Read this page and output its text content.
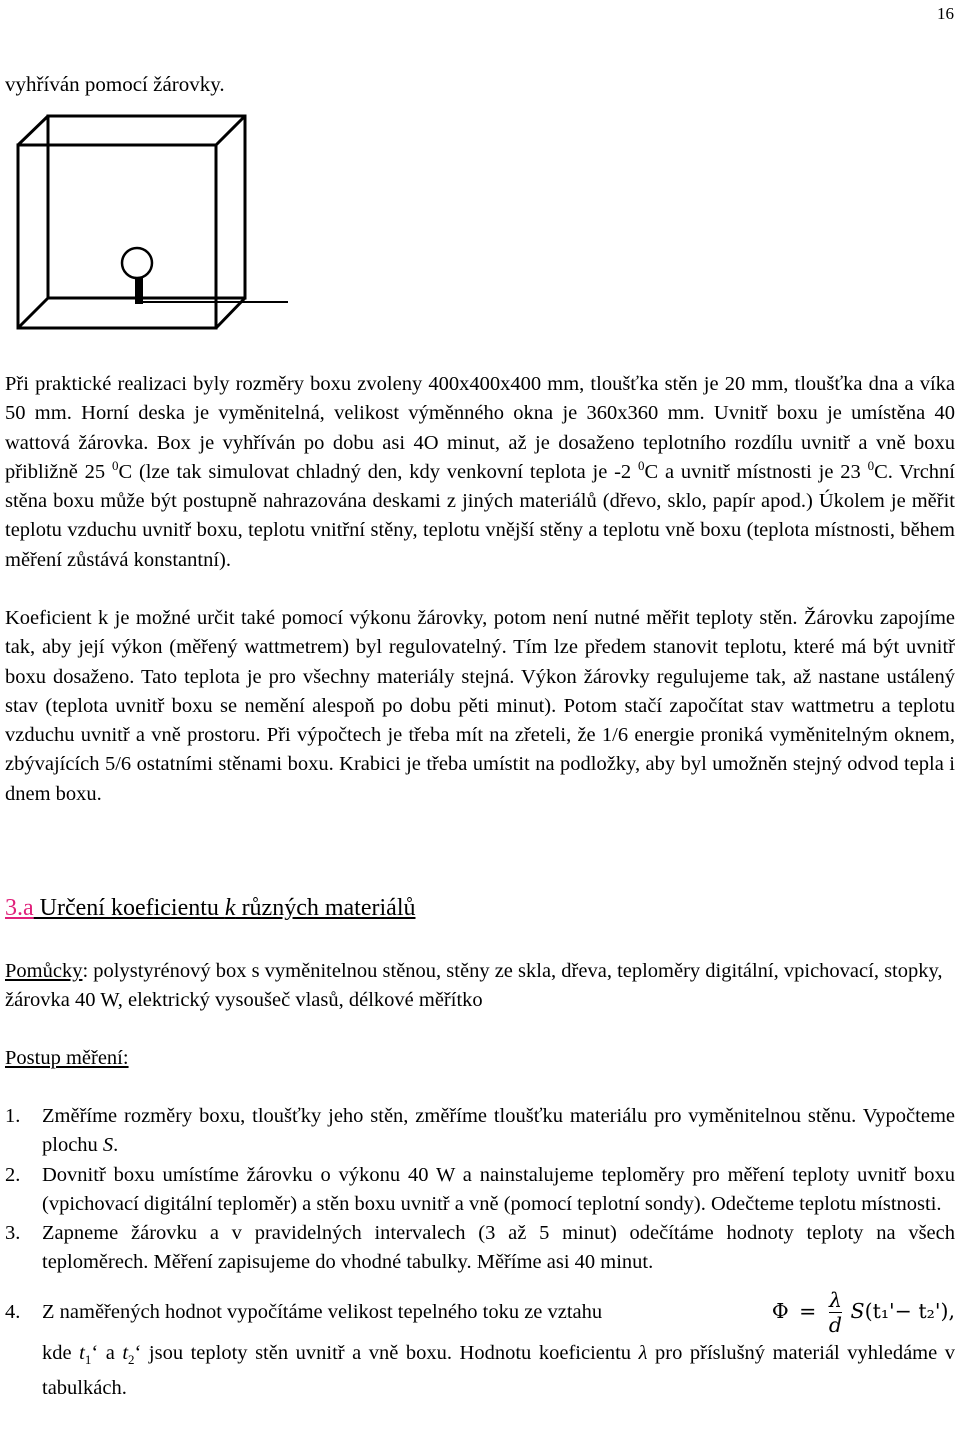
16
vyhříván pomocí žárovky.
Při praktické realizaci byly rozměry boxu zvoleny 400x400x400 mm, tloušťka stěn je 20 mm, tloušťka dna a víka 50 mm. Horní deska je vyměnitelná, velikost výměnného okna je 360x360 mm. Uvnitř boxu je umístěna 40 wattová žárovka. Box je vyhříván po dobu asi 4O minut, až je dosaženo teplotního rozdílu uvnitř a vně boxu přibližně 25 $^0$C (lze tak simulovat chladný den, kdy venkovní teplota je -2 $^0$C a uvnitř místnosti je 23 $^0$C. Vrchní stěna boxu může být postupně nahrazována deskami z jiných materiálů (dřevo, sklo, papír apod.) Úkolem je měřit teplotu vzduchu uvnitř boxu, teplotu vnitřní stěny, teplotu vnější stěny a teplotu vně boxu (teplota místnosti, během měření zůstává konstantní).
Koeficient k je možné určit také pomocí výkonu žárovky, potom není nutné měřit teploty stěn. Žárovku zapojíme tak, aby její výkon (měřený wattmetrem) byl regulovatelný. Tím lze předem stanovit teplotu, které má být uvnitř boxu dosaženo. Tato teplota je pro všechny materiály stejná. Výkon žárovky regulujeme tak, až nastane ustálený stav (teplota uvnitř boxu se nemění alespoň po dobu pěti minut). Potom stačí započítat stav wattmetru a teplotu vzduchu uvnitř a vně prostoru. Při výpočtech je třeba mít na zřeteli, že 1/6 energie proniká vyměnitelným oknem, zbývajících 5/6 ostatními stěnami boxu. Krabici je třeba umístit na podložky, aby byl umožněn stejný odvod tepla i dnem boxu.
3.a Určení koeficientu k různých materiálů
Pomůcky: polystyrénový box s vyměnitelnou stěnou, stěny ze skla, dřeva, teploměry digitální, vpichovací, stopky, žárovka 40 W, elektrický vysoušeč vlasů, délkové měřítko
Postup měření:
1. Změříme rozměry boxu, tloušťky jeho stěn, změříme tloušťku materiálu pro vyměnitelnou stěnu. Vypočteme plochu S.
2. Dovnitř boxu umístíme žárovku o výkonu 40 W a nainstalujeme teploměry pro měření teploty uvnitř boxu (vpichovací digitální teploměr) a stěn boxu uvnitř a vně (pomocí teplotní sondy). Odečteme teplotu místnosti.
3. Zapneme žárovku a v pravidelných intervalech (3 až 5 minut) odečítáme hodnoty teploty na všech teploměrech. Měření zapisujeme do vhodné tabulky. Měříme asi 40 minut.
4. Z naměřených hodnot vypočítáme velikost tepelného toku ze vztahu	$\Phi = \frac{\lambda}{d} S(t_1'- t_2')$,
kde $t_1‘$ a $t_2‘$ jsou teploty stěn uvnitř a vně boxu. Hodnotu koeficientu λ pro příslušný materiál vyhledáme v tabulkách.
